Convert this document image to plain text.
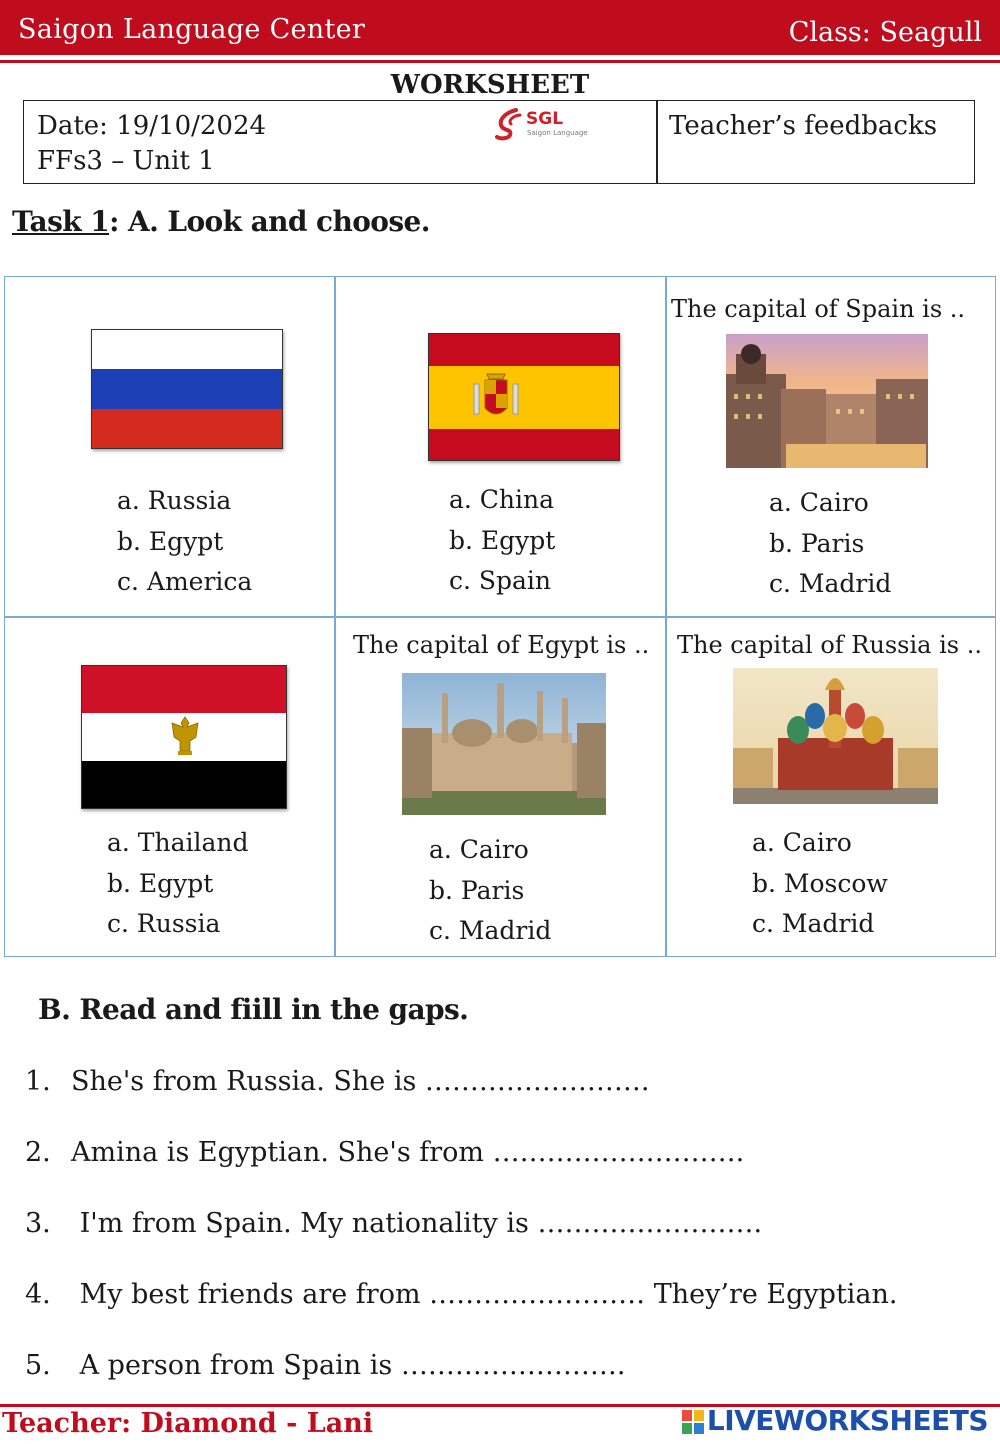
Saigon Language Center	Class: Seagull
WORKSHEET
Date: 19/10/2024
FFs3 – Unit 1
SGL
Saigon Language	Teacher’s feedbacks
Task 1: A. Look and choose.
a. Russia
b. Egypt
c. America
a. China
b. Egypt
c. Spain
The capital of Spain is ..
a. Cairo
b. Paris
c. Madrid
a. Thailand
b. Egypt
c. Russia
The capital of Egypt is ..
a. Cairo
b. Paris
c. Madrid
The capital of Russia is ..
a. Cairo
b. Moscow
c. Madrid
B. Read and fiill in the gaps.
1. She's from Russia. She is …………………….
2. Amina is Egyptian. She's from ……………………….
3. I'm from Spain. My nationality is …………………….
4. My best friends are from …………………… They’re Egyptian.
5. A person from Spain is …………………….
Teacher: Diamond - Lani	LIVEWORKSHEETS
